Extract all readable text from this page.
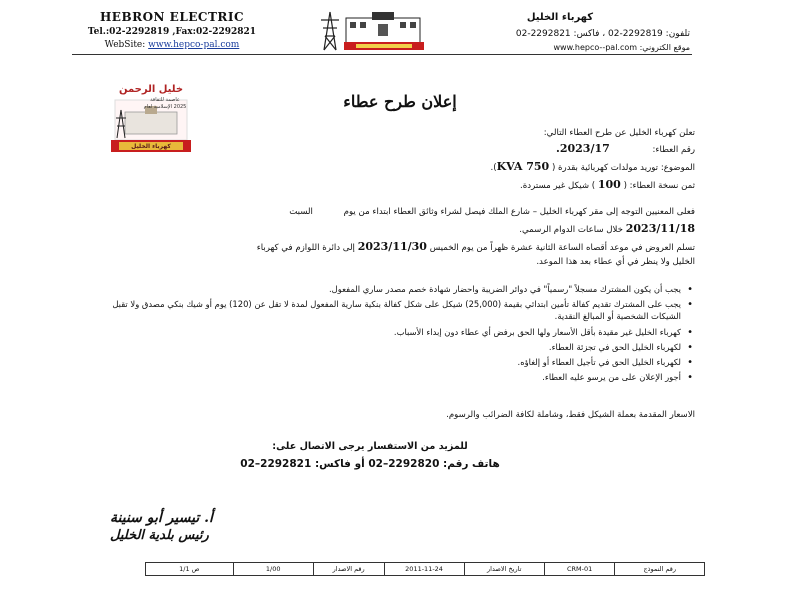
HEBRON ELECTRIC
Tel.:02-2292819 ,Fax:02-2292821
WebSite: www.hepco-pal.com
كهرباء الخليل
تلفون: 2292819-02 ، فاكس: 2292821-02
موقع الكتروني: www.hepco--pal.com
خليل الرحمن
عاصمة للثقافة
2025 الإسلامية لعام
كهرباء الخليل
إعلان طرح عطاء
تعلن كهرباء الخليل عن طرح العطاء التالي:
رقم العطاء: 2023/17.
الموضوع: توريد مولدات كهربائية بقدرة ( 750 KVA).
ثمن نسخة العطاء: ( 100 ) شيكل غير مستردة.
فعلى المعنيين التوجه إلى مقر كهرباء الخليل – شارع الملك فيصل لشراء وثائق العطاء ابتداء من يوم السبت
2023/11/18 خلال ساعات الدوام الرسمي.
تسلم العروض في موعد أقصاه الساعة الثانية عشرة ظهراً من يوم الخميس 2023/11/30 إلى دائرة اللوازم في كهرباء
الخليل ولا ينظر في أي عطاء بعد هذا الموعد.
• يجب أن يكون المشترك مسجلاً "رسمياً" في دوائر الضريبة واحضار شهادة خصم مصدر ساري المفعول.
• يجب على المشترك تقديم كفالة تأمين ابتدائي بقيمة (25,000) شيكل على شكل كفالة بنكية سارية المفعول لمدة لا تقل عن (120) يوم أو شيك بنكي مصدق ولا تقبل الشيكات الشخصية أو المبالغ النقدية.
• كهرباء الخليل غير مقيدة بأقل الأسعار ولها الحق برفض أي عطاء دون إبداء الأسباب.
• لكهرباء الخليل الحق في تجزئة العطاء.
• لكهرباء الخليل الحق في تأجيل العطاء أو إلغاؤه.
• أجور الإعلان على من يرسو عليه العطاء.
الاسعار المقدمة بعملة الشيكل فقط، وشاملة لكافة الضرائب والرسوم.
للمزيد من الاستفسار يرجى الاتصال على:
هاتف رقم: 2292820–02 أو فاكس: 2292821–02
أ. تيسير أبو سنينة
رئيس بلدية الخليل
رقم النموذج
CRM-01
تاريخ الاصدار
2011-11-24
رقم الاصدار
1/00
ص 1/1
